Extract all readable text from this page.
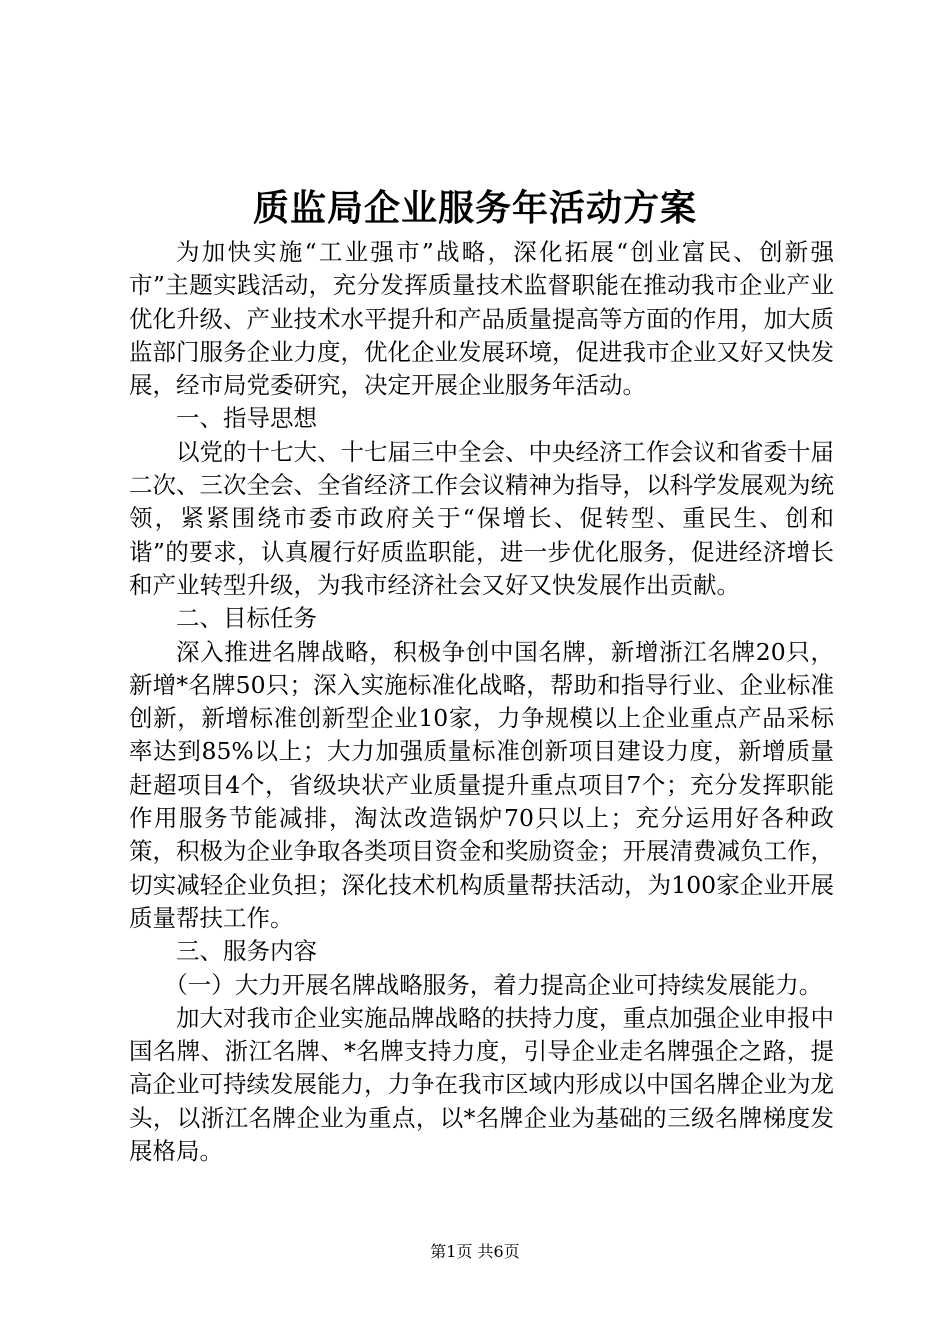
质监局企业服务年活动方案

为加快实施“工业强市”战略，深化拓展“创业富民、创新强市”主题实践活动，充分发挥质量技术监督职能在推动我市企业产业优化升级、产业技术水平提升和产品质量提高等方面的作用，加大质监部门服务企业力度，优化企业发展环境，促进我市企业又好又快发展，经市局党委研究，决定开展企业服务年活动。

一、指导思想

以党的十七大、十七届三中全会、中央经济工作会议和省委十届二次、三次全会、全省经济工作会议精神为指导，以科学发展观为统领，紧紧围绕市委市政府关于“保增长、促转型、重民生、创和谐”的要求，认真履行好质监职能，进一步优化服务，促进经济增长和产业转型升级，为我市经济社会又好又快发展作出贡献。

二、目标任务

深入推进名牌战略，积极争创中国名牌，新增浙江名牌20只，新增*名牌50只；深入实施标准化战略，帮助和指导行业、企业标准创新，新增标准创新型企业10家，力争规模以上企业重点产品采标率达到85%以上；大力加强质量标准创新项目建设力度，新增质量赶超项目4个，省级块状产业质量提升重点项目7个；充分发挥职能作用服务节能减排，淘汰改造锅炉70只以上；充分运用好各种政策，积极为企业争取各类项目资金和奖励资金；开展清费减负工作，切实减轻企业负担；深化技术机构质量帮扶活动，为100家企业开展质量帮扶工作。

三、服务内容

（一）大力开展名牌战略服务，着力提高企业可持续发展能力。

加大对我市企业实施品牌战略的扶持力度，重点加强企业申报中国名牌、浙江名牌、*名牌支持力度，引导企业走名牌强企之路，提高企业可持续发展能力，力争在我市区域内形成以中国名牌企业为龙头，以浙江名牌企业为重点，以*名牌企业为基础的三级名牌梯度发展格局。

第1页 共6页
